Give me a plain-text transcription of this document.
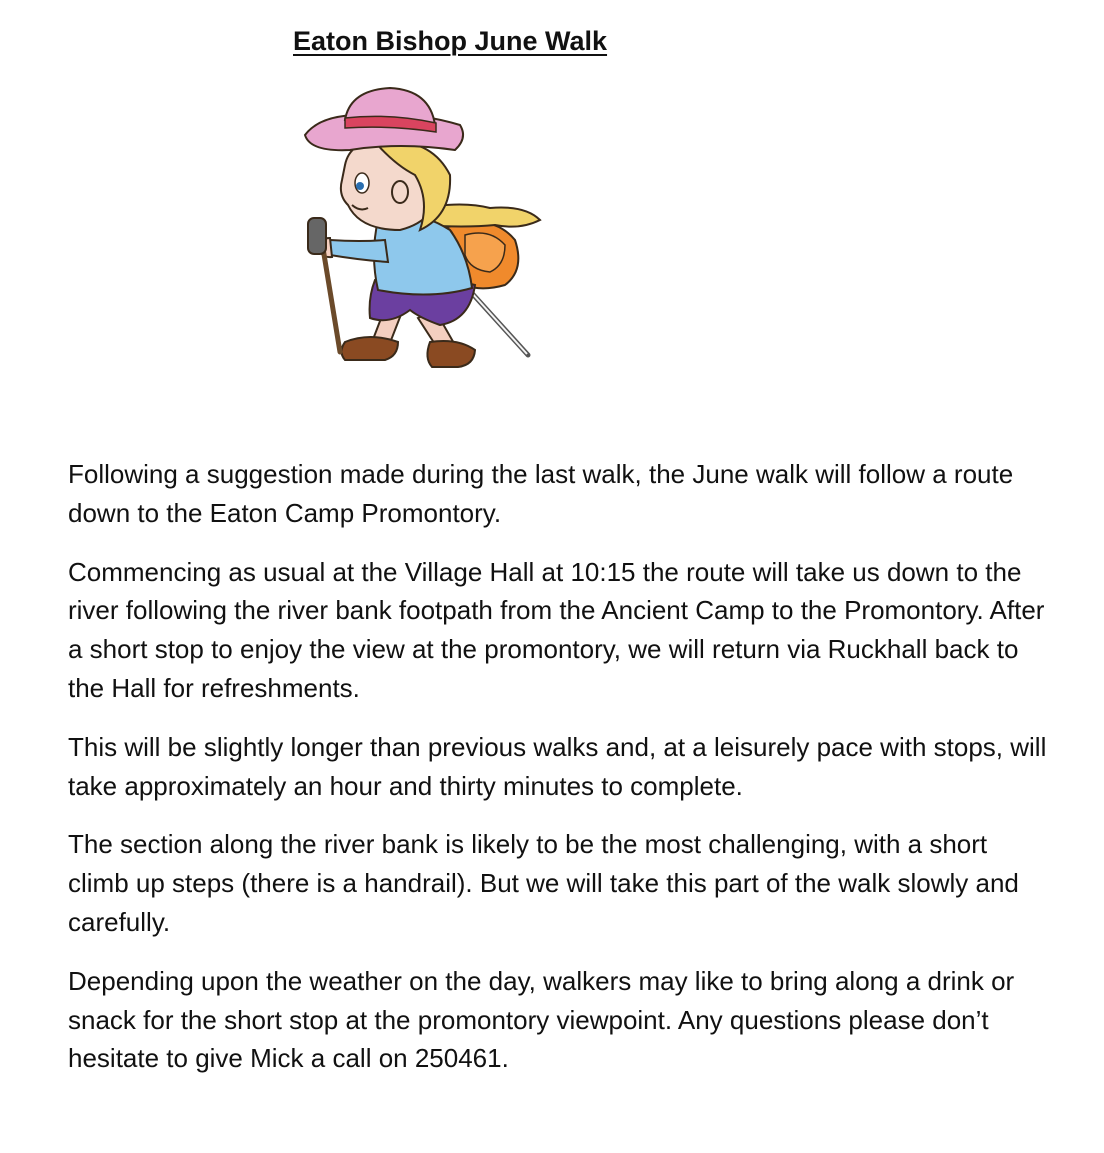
Eaton Bishop June Walk

Following a suggestion made during the last walk, the June walk will follow a route down to the Eaton Camp Promontory.

Commencing as usual at the Village Hall at 10:15 the route will take us down to the river following the river bank footpath from the Ancient Camp to the Promontory. After a short stop to enjoy the view at the promontory, we will return via Ruckhall back to the Hall for refreshments.

This will be slightly longer than previous walks and, at a leisurely pace with stops, will take approximately an hour and thirty minutes to complete.

The section along the river bank is likely to be the most challenging, with a short climb up steps (there is a handrail). But we will take this part of the walk slowly and carefully.

Depending upon the weather on the day, walkers may like to bring along a drink or snack for the short stop at the promontory viewpoint. Any questions please don’t hesitate to give Mick a call on 250461.
